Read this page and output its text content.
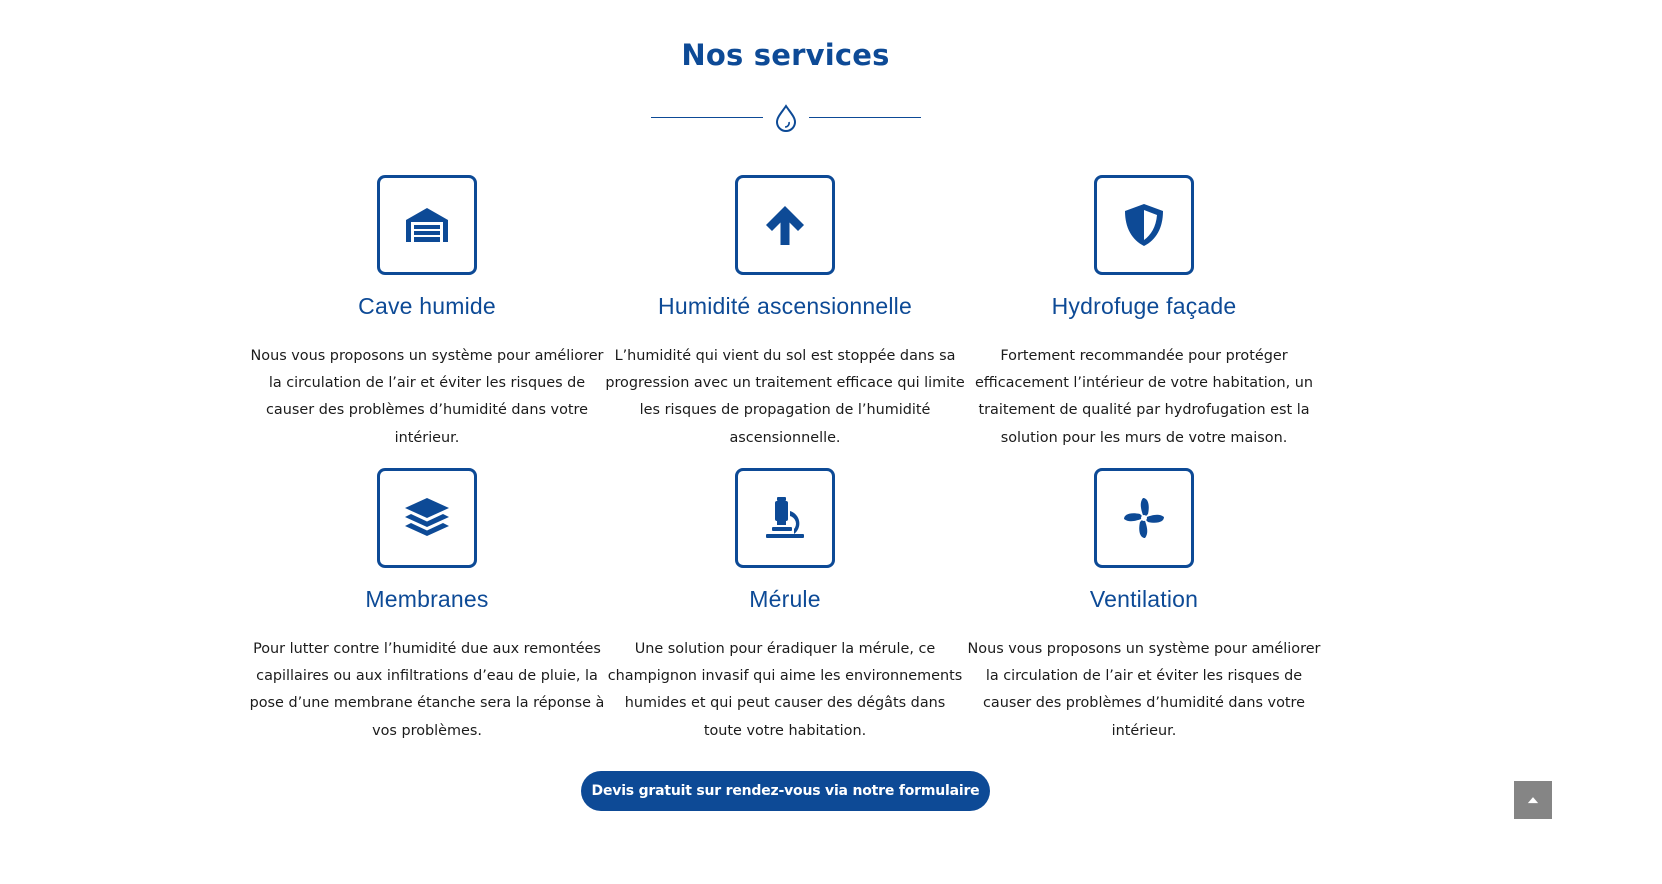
Nos services
Cave humide

Nous vous proposons un système pour améliorer la circulation de l’air et éviter les risques de causer des problèmes d’humidité dans votre intérieur.

Humidité ascensionnelle

L’humidité qui vient du sol est stoppée dans sa progression avec un traitement efficace qui limite les risques de propagation de l’humidité ascensionnelle.

Hydrofuge façade

Fortement recommandée pour protéger efficacement l’intérieur de votre habitation, un traitement de qualité par hydrofugation est la solution pour les murs de votre maison.

Membranes

Pour lutter contre l’humidité due aux remontées capillaires ou aux infiltrations d’eau de pluie, la pose d’une membrane étanche sera la réponse à vos problèmes.

Mérule

Une solution pour éradiquer la mérule, ce champignon invasif qui aime les environnements humides et qui peut causer des dégâts dans toute votre habitation.

Ventilation

Nous vous proposons un système pour améliorer la circulation de l’air et éviter les risques de causer des problèmes d’humidité dans votre intérieur.

Devis gratuit sur rendez-vous via notre formulaire
